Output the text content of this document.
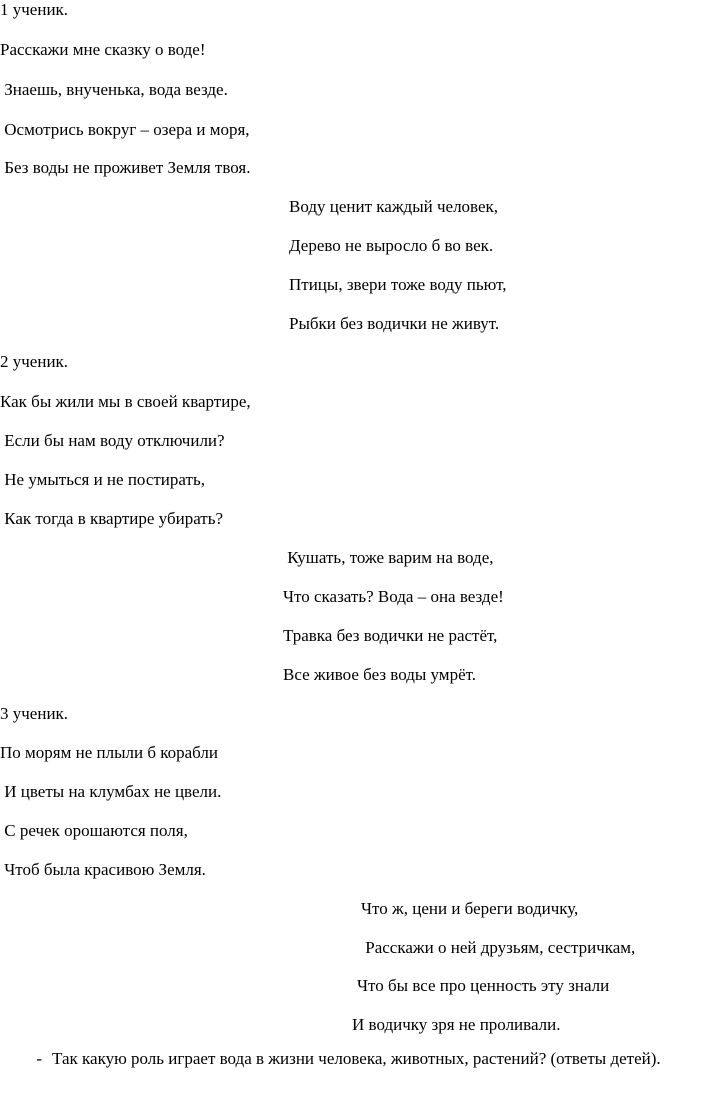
1 ученик.
Расскажи мне сказку о воде!
Знаешь, внученька, вода везде.
Осмотрись вокруг – озера и моря,
Без воды не проживет Земля твоя.
Воду ценит каждый человек,
Дерево не выросло б во век.
Птицы, звери тоже воду пьют,
Рыбки без водички не живут.
2 ученик.
Как бы жили мы в своей квартире,
Если бы нам воду отключили?
Не умыться и не постирать,
Как тогда в квартире убирать?
Кушать, тоже варим на воде,
Что сказать? Вода – она везде!
Травка без водички не растёт,
Все живое без воды умрёт.
3 ученик.
По морям не плыли б корабли
И цветы на клумбах не цвели.
С речек орошаются поля,
Чтоб была красивою Земля.
Что ж, цени и береги водичку,
Расскажи о ней друзьям, сестричкам,
Что бы все про ценность эту знали
И водичку зря не проливали.
- Так какую роль играет вода в жизни человека, животных, растений? (ответы детей).
